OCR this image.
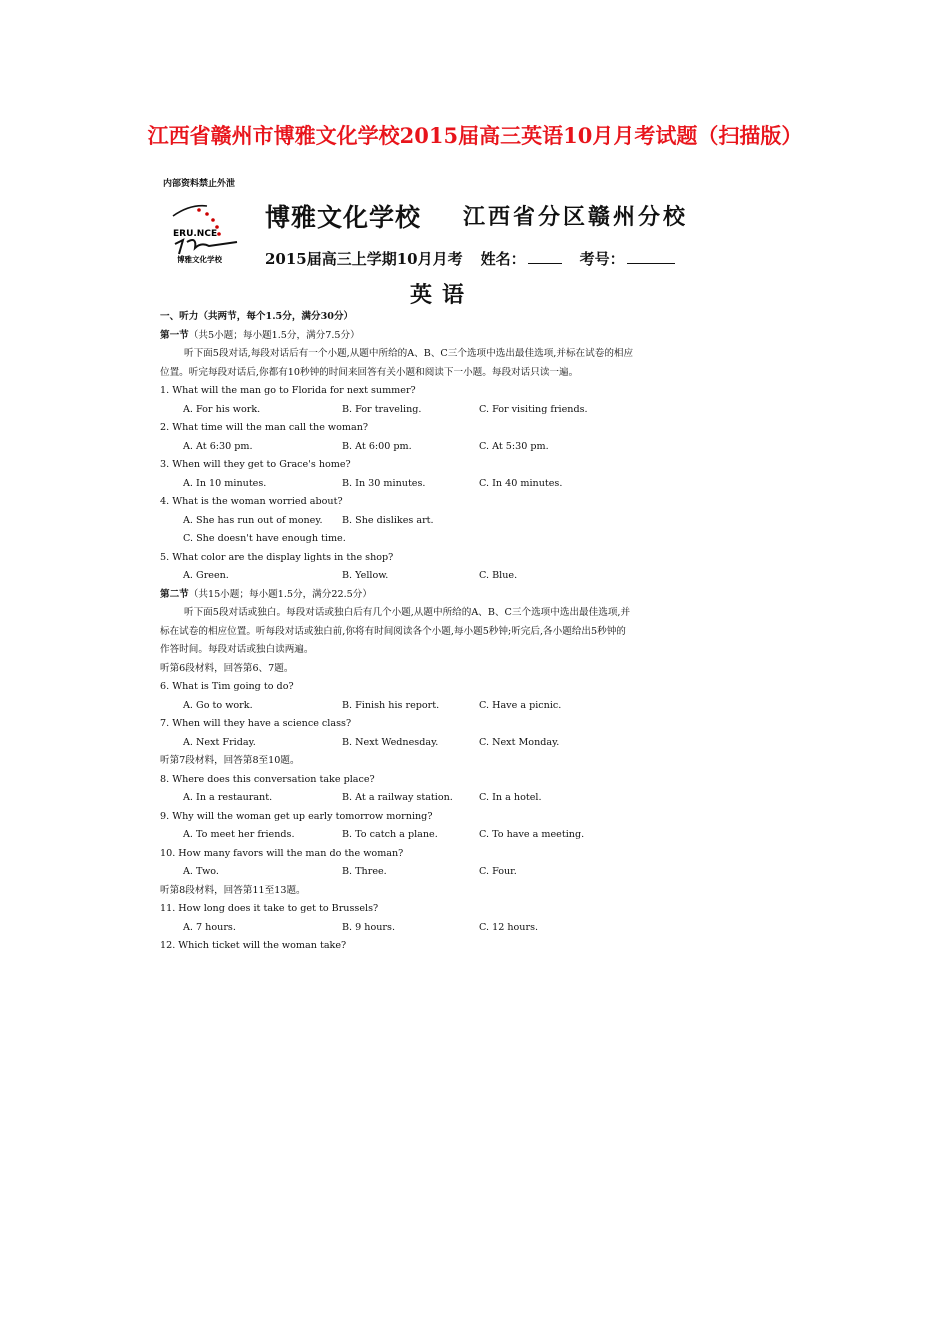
江西省赣州市博雅文化学校2015届高三英语10月月考试题（扫描版）
内部资料禁止外泄
ERU.NCE
博雅文化学校
博雅文化学校 江西省分区赣州分校
2015届高三上学期10月月考 姓名：	考号：
英语
一、听力（共两节，每个1.5分，满分30分）
第一节（共5小题；每小题1.5分，满分7.5分）
听下面5段对话,每段对话后有一个小题,从题中所给的A、B、C三个选项中选出最佳选项,并标在试卷的相应
位置。听完每段对话后,你都有10秒钟的时间来回答有关小题和阅读下一小题。每段对话只读一遍。
1. What will the man go to Florida for next summer?
A. For his work.	B. For traveling.	C. For visiting friends.
2. What time will the man call the woman?
A. At 6:30 pm.	B. At 6:00 pm.	C. At 5:30 pm.
3. When will they get to Grace's home?
A. In 10 minutes.	B. In 30 minutes.	C. In 40 minutes.
4. What is the woman worried about?
A. She has run out of money. B. She dislikes art.
C. She doesn't have enough time.
5. What color are the display lights in the shop?
A. Green.	B. Yellow.	C. Blue.
第二节（共15小题；每小题1.5分，满分22.5分）
听下面5段对话或独白。每段对话或独白后有几个小题,从题中所给的A、B、C三个选项中选出最佳选项,并
标在试卷的相应位置。听每段对话或独白前,你将有时间阅读各个小题,每小题5秒钟;听完后,各小题给出5秒钟的
作答时间。每段对话或独白读两遍。
听第6段材料，回答第6、7题。
6. What is Tim going to do?
A. Go to work.	B. Finish his report.	C. Have a picnic.
7. When will they have a science class?
A. Next Friday.	B. Next Wednesday.	C. Next Monday.
听第7段材料，回答第8至10题。
8. Where does this conversation take place?
A. In a restaurant.	B. At a railway station.	C. In a hotel.
9. Why will the woman get up early tomorrow morning?
A. To meet her friends.	B. To catch a plane.	C. To have a meeting.
10. How many favors will the man do the woman?
A. Two.	B. Three.	C. Four.
听第8段材料，回答第11至13题。
11. How long does it take to get to Brussels?
A. 7 hours.	B. 9 hours.	C. 12 hours.
12. Which ticket will the woman take?
